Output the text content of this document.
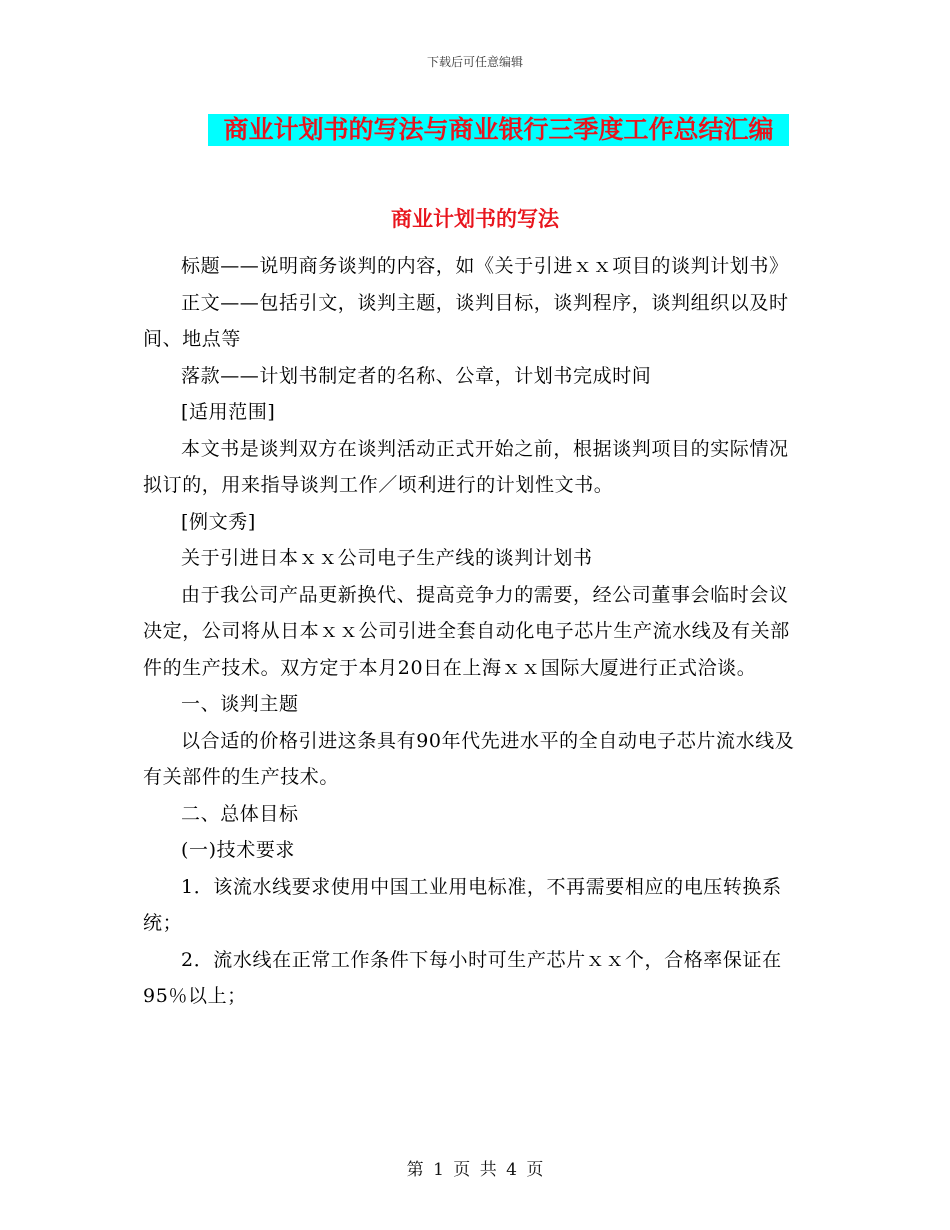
下载后可任意编辑
商业计划书的写法与商业银行三季度工作总结汇编
商业计划书的写法

标题——说明商务谈判的内容，如《关于引进ｘｘ项目的谈判计划书》

正文——包括引文，谈判主题，谈判目标，谈判程序，谈判组织以及时间、地点等

落款——计划书制定者的名称、公章，计划书完成时间

[适用范围]

本文书是谈判双方在谈判活动正式开始之前，根据谈判项目的实际情况拟订的，用来指导谈判工作／顷利进行的计划性文书。

[例文秀]

关于引进日本ｘｘ公司电子生产线的谈判计划书

由于我公司产品更新换代、提高竞争力的需要，经公司董事会临时会议决定，公司将从日本ｘｘ公司引进全套自动化电子芯片生产流水线及有关部件的生产技术。双方定于本月20日在上海ｘｘ国际大厦进行正式洽谈。

一、谈判主题

以合适的价格引进这条具有90年代先进水平的全自动电子芯片流水线及有关部件的生产技术。

二、总体目标

(一)技术要求

1．该流水线要求使用中国工业用电标准，不再需要相应的电压转换系统；

2．流水线在正常工作条件下每小时可生产芯片ｘｘ个，合格率保证在95％以上；

第 1 页 共 4 页
